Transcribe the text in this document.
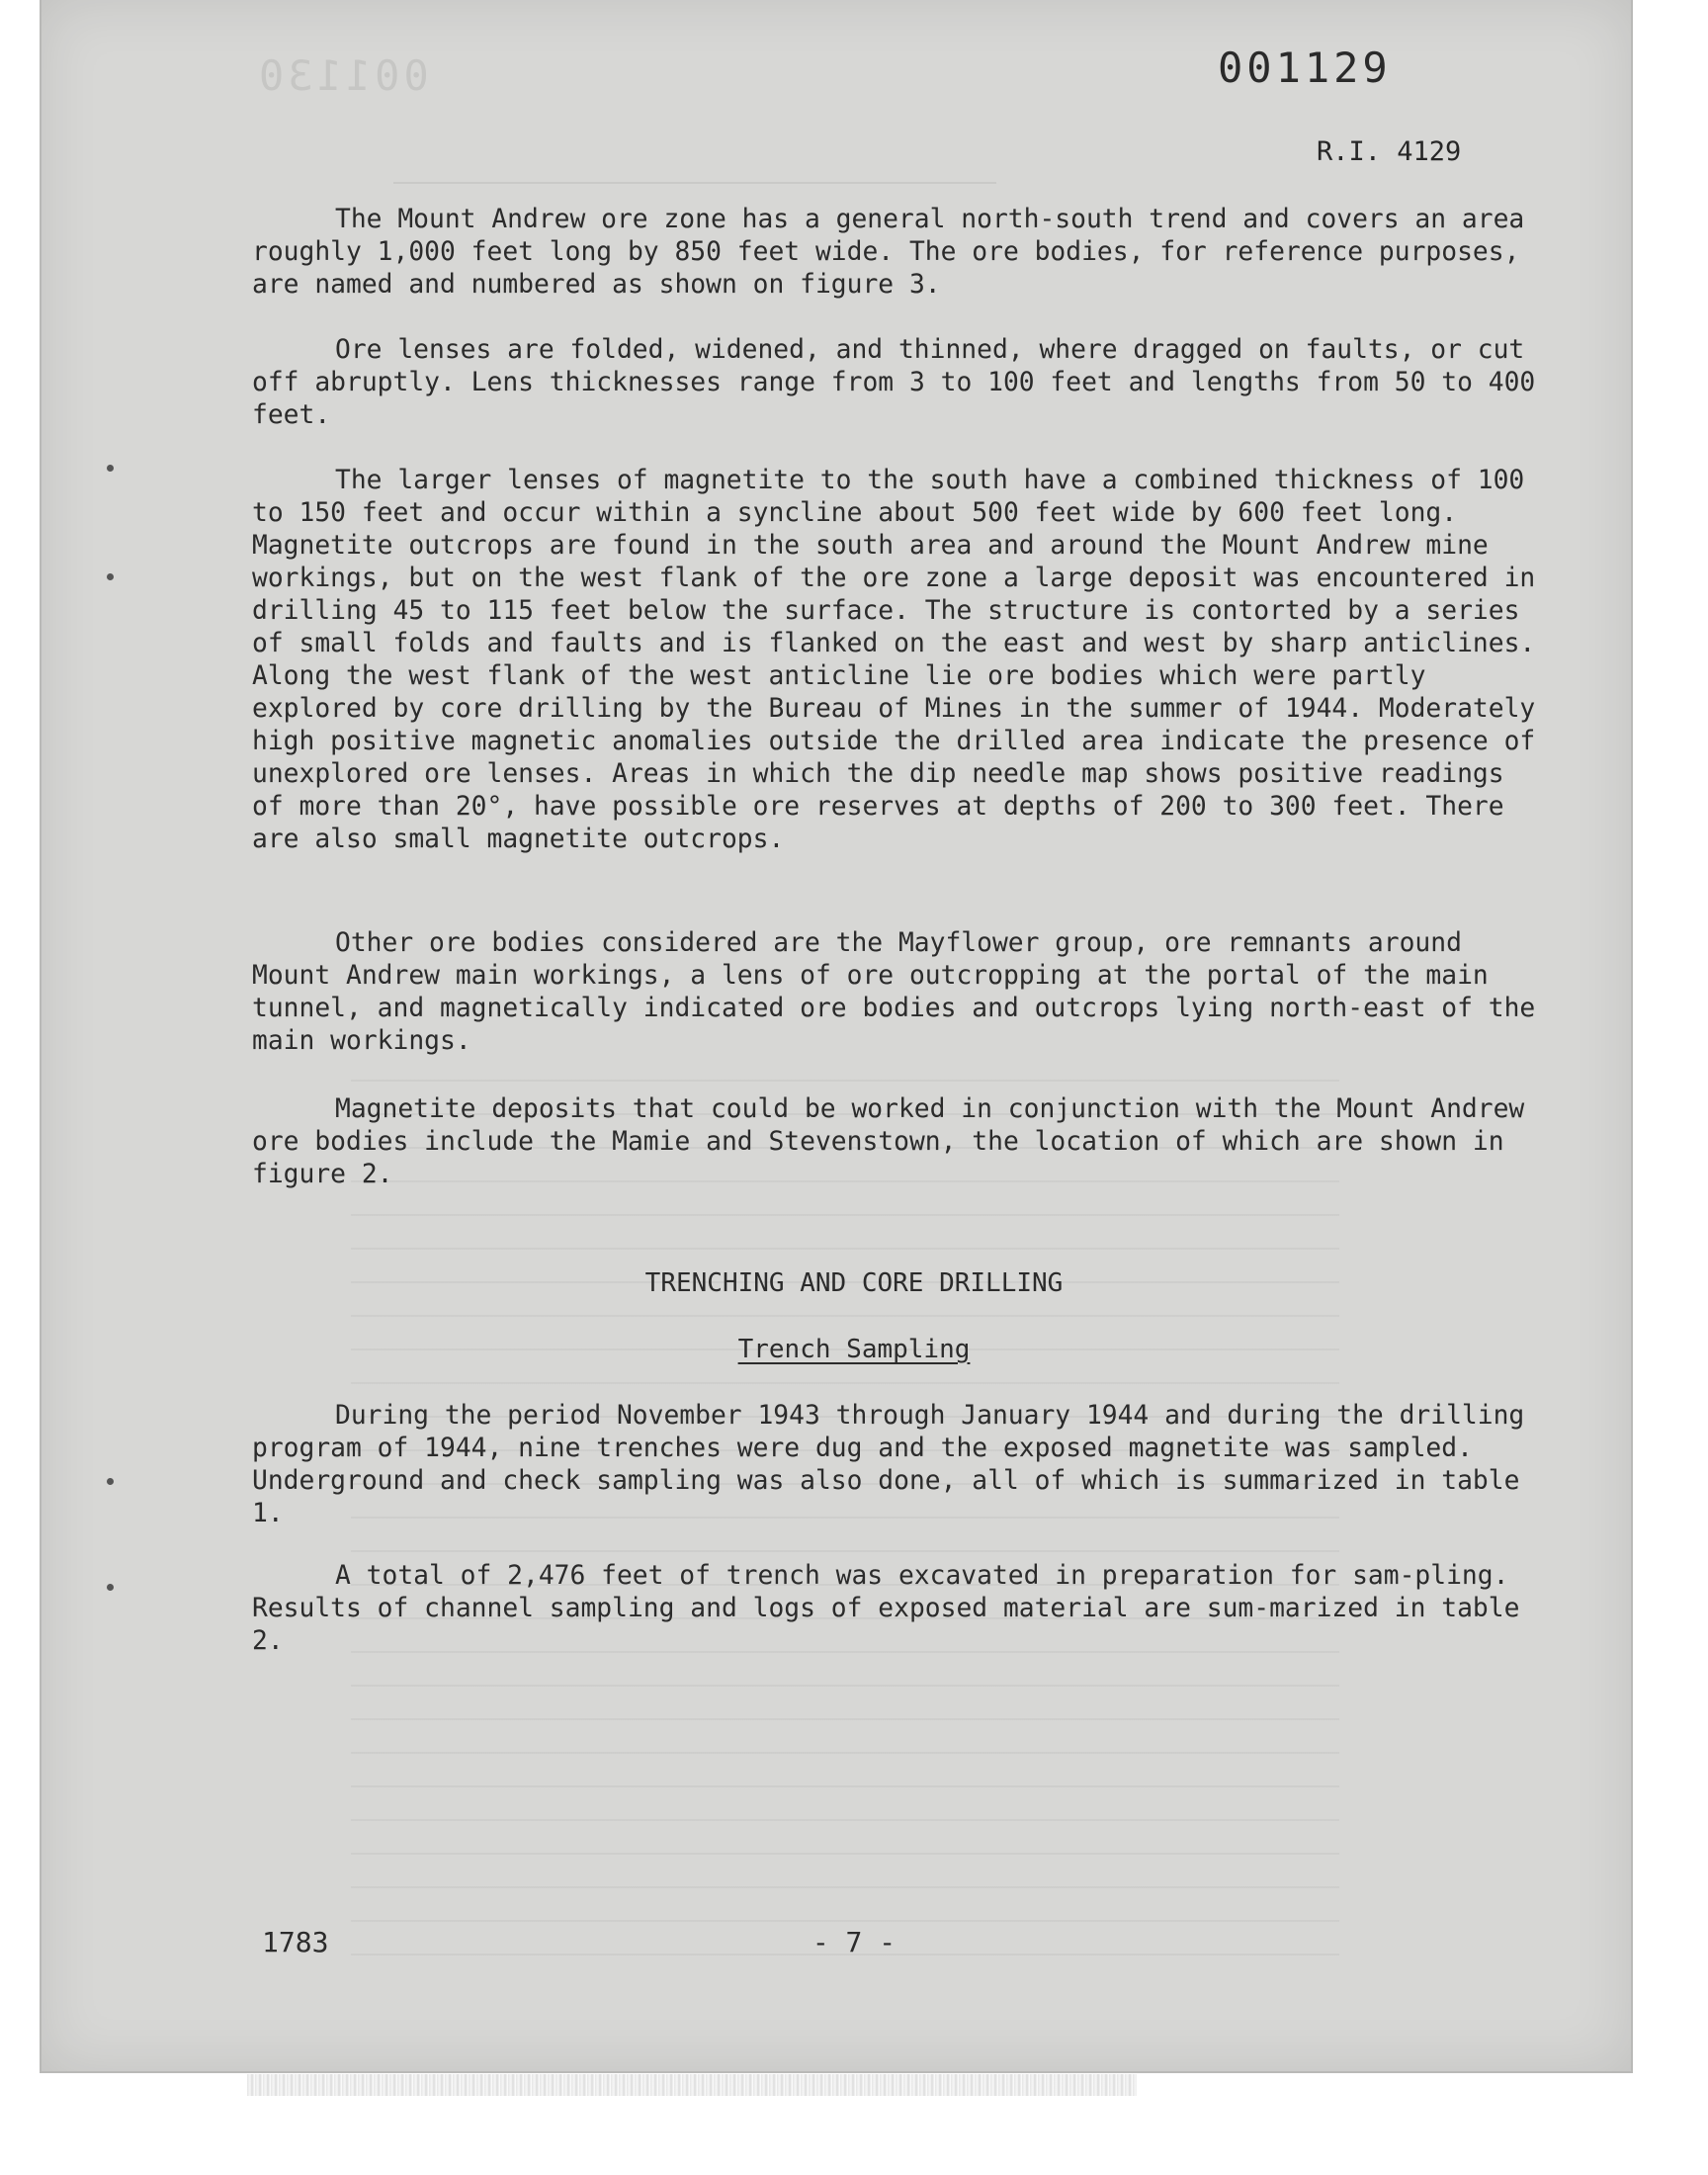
001130	001129
R.I. 4129

The Mount Andrew ore zone has a general north-south trend and covers an area roughly 1,000 feet long by 850 feet wide. The ore bodies, for reference purposes, are named and numbered as shown on figure 3.

Ore lenses are folded, widened, and thinned, where dragged on faults, or cut off abruptly. Lens thicknesses range from 3 to 100 feet and lengths from 50 to 400 feet.

The larger lenses of magnetite to the south have a combined thickness of 100 to 150 feet and occur within a syncline about 500 feet wide by 600 feet long. Magnetite outcrops are found in the south area and around the Mount Andrew mine workings, but on the west flank of the ore zone a large deposit was encountered in drilling 45 to 115 feet below the surface. The structure is contorted by a series of small folds and faults and is flanked on the east and west by sharp anticlines. Along the west flank of the west anticline lie ore bodies which were partly explored by core drilling by the Bureau of Mines in the summer of 1944. Moderately high positive magnetic anomalies outside the drilled area indicate the presence of unexplored ore lenses. Areas in which the dip needle map shows positive readings of more than 20°, have possible ore reserves at depths of 200 to 300 feet. There are also small magnetite outcrops.

Other ore bodies considered are the Mayflower group, ore remnants around Mount Andrew main workings, a lens of ore outcropping at the portal of the main tunnel, and magnetically indicated ore bodies and outcrops lying north-east of the main workings.

Magnetite deposits that could be worked in conjunction with the Mount Andrew ore bodies include the Mamie and Stevenstown, the location of which are shown in figure 2.

TRENCHING AND CORE DRILLING
Trench Sampling

During the period November 1943 through January 1944 and during the drilling program of 1944, nine trenches were dug and the exposed magnetite was sampled. Underground and check sampling was also done, all of which is summarized in table 1.

A total of 2,476 feet of trench was excavated in preparation for sam-pling. Results of channel sampling and logs of exposed material are sum-marized in table 2.

1783	- 7 -
